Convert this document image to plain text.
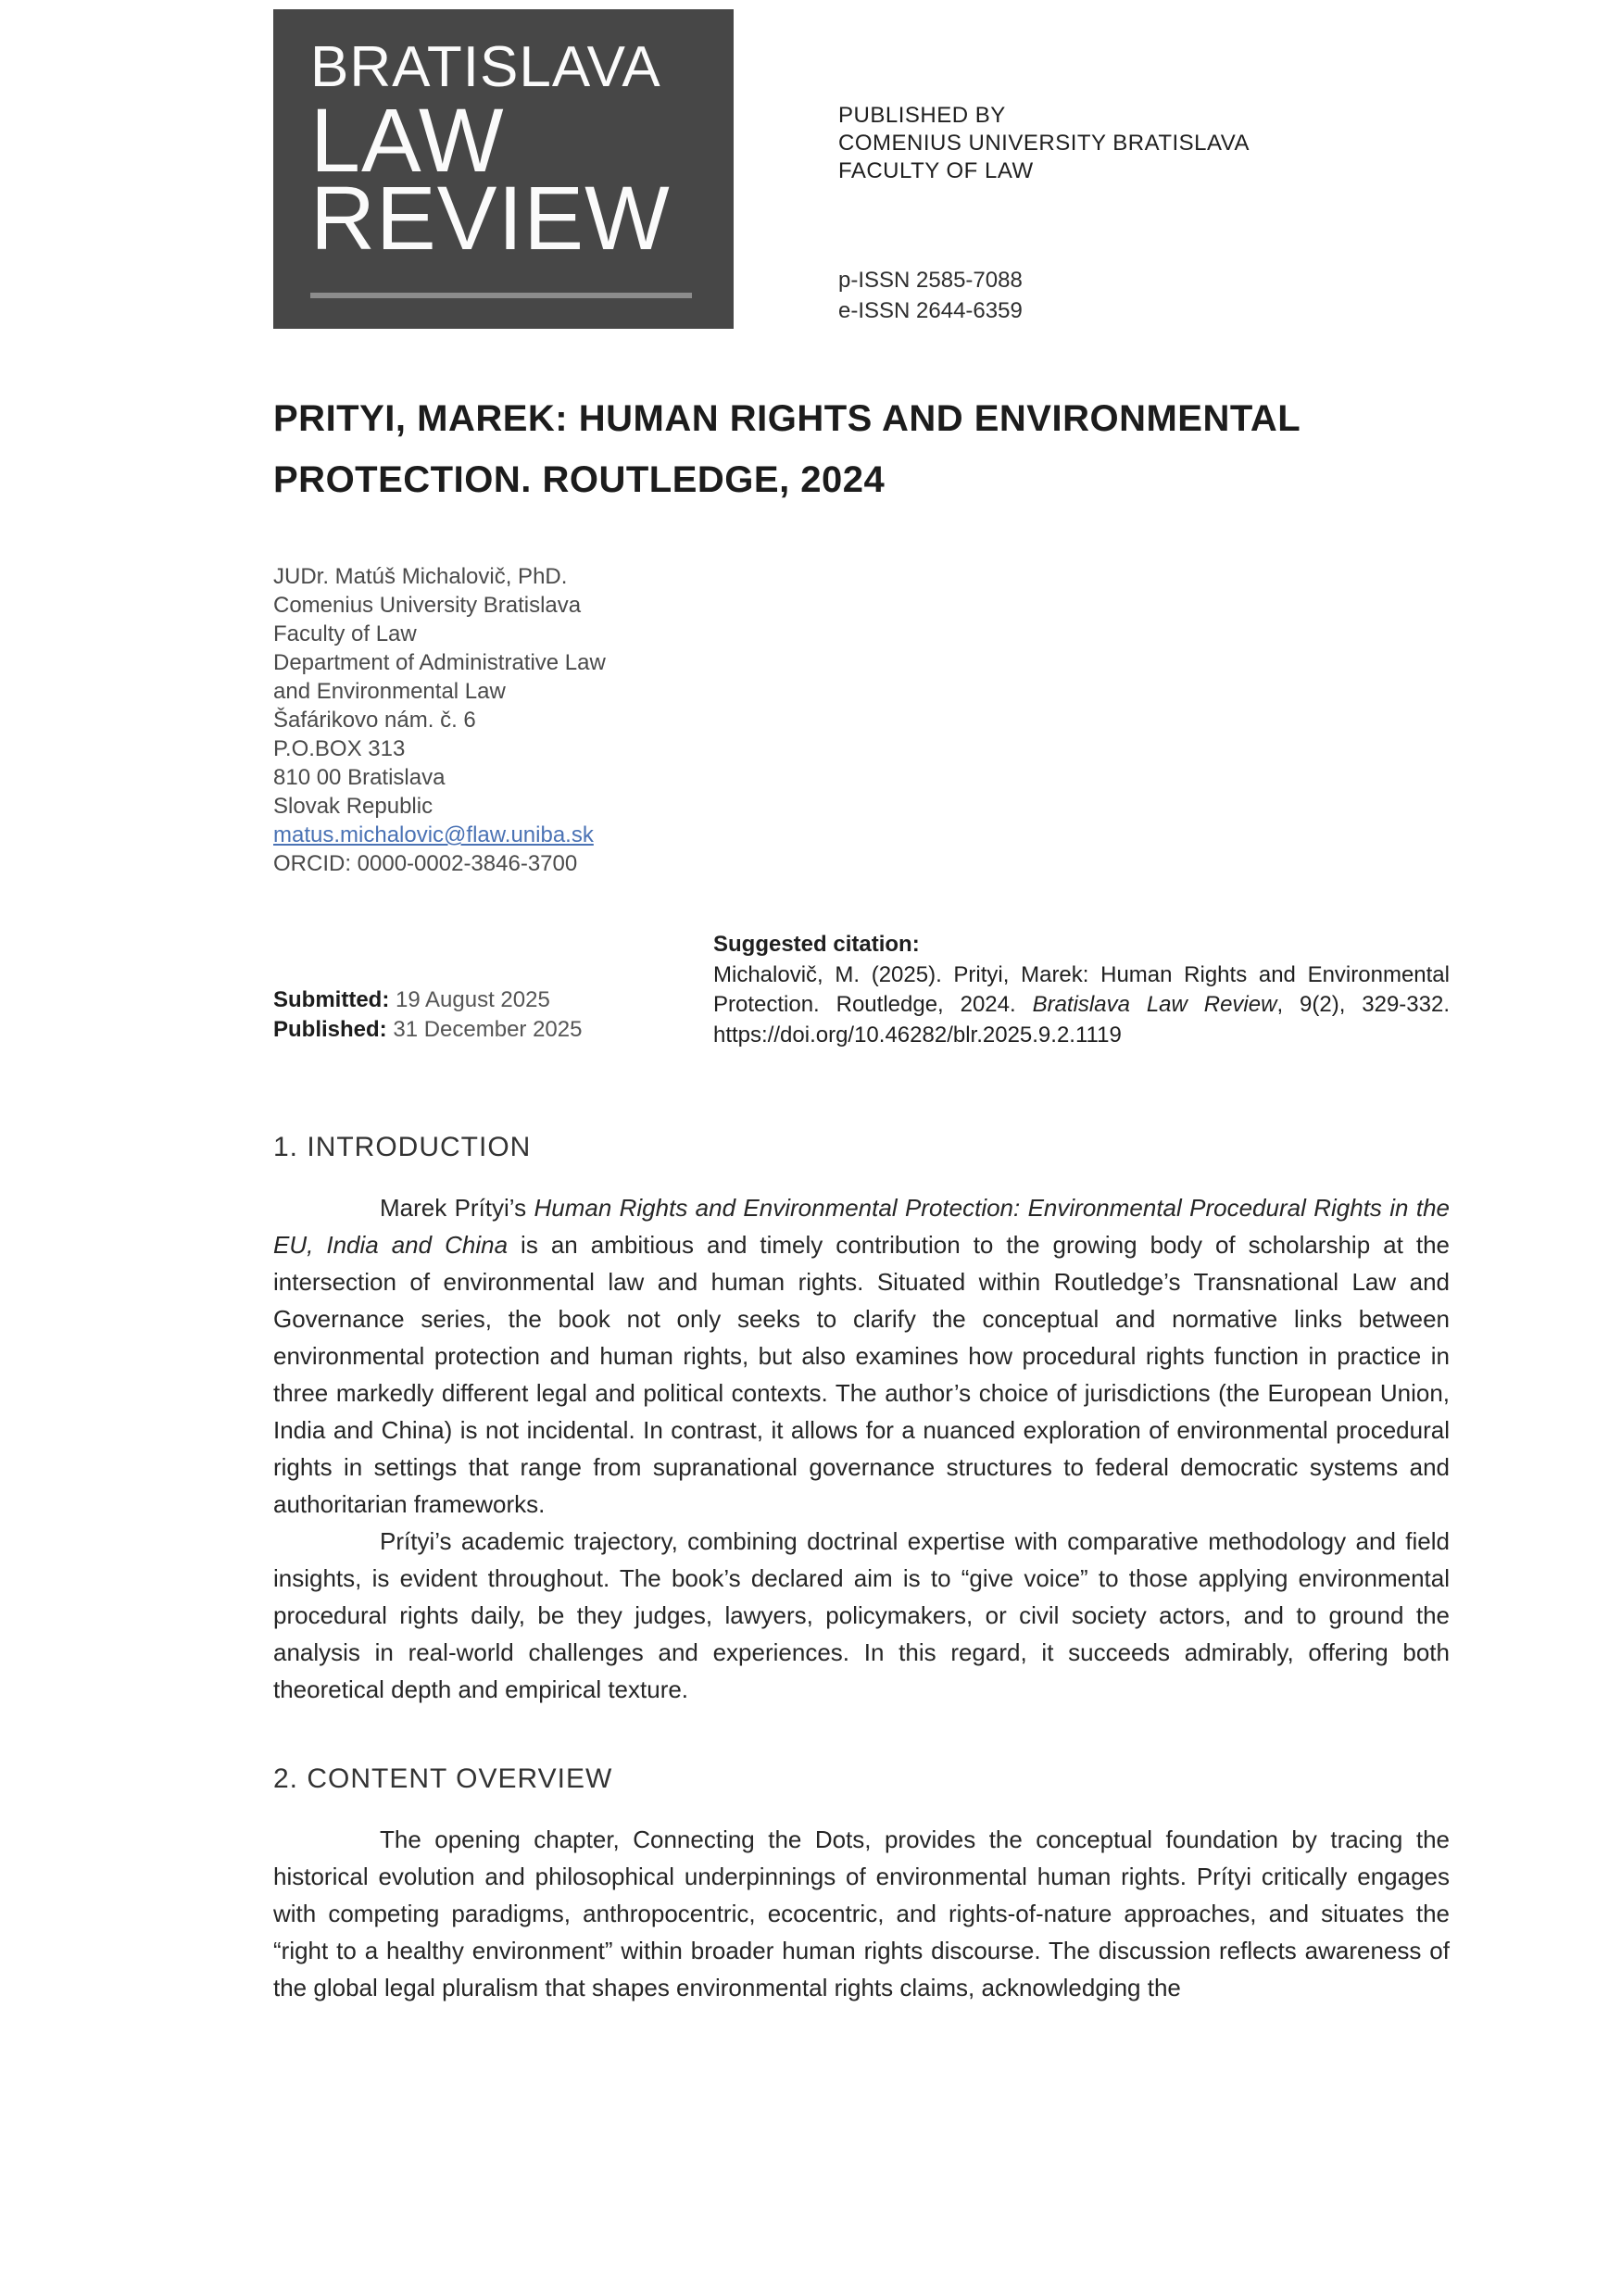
BRATISLAVA
LAW
REVIEW
PUBLISHED BY
COMENIUS UNIVERSITY BRATISLAVA
FACULTY OF LAW
p-ISSN 2585-7088
e-ISSN 2644-6359
PRITYI, MAREK: HUMAN RIGHTS AND ENVIRONMENTAL PROTECTION. ROUTLEDGE, 2024
JUDr. Matúš Michalovič, PhD.
Comenius University Bratislava
Faculty of Law
Department of Administrative Law
and Environmental Law
Šafárikovo nám. č. 6
P.O.BOX 313
810 00 Bratislava
Slovak Republic
matus.michalovic@flaw.uniba.sk
ORCID: 0000-0002-3846-3700
Submitted: 19 August 2025
Published: 31 December 2025
Suggested citation:

Michalovič, M. (2025). Prityi, Marek: Human Rights and Environmental Protection. Routledge, 2024. Bratislava Law Review, 9(2), 329-332. https://doi.org/10.46282/blr.2025.9.2.1119

1. INTRODUCTION

Marek Prítyi’s Human Rights and Environmental Protection: Environmental Procedural Rights in the EU, India and China is an ambitious and timely contribution to the growing body of scholarship at the intersection of environmental law and human rights. Situated within Routledge’s Transnational Law and Governance series, the book not only seeks to clarify the conceptual and normative links between environmental protection and human rights, but also examines how procedural rights function in practice in three markedly different legal and political contexts. The author’s choice of jurisdictions (the European Union, India and China) is not incidental. In contrast, it allows for a nuanced exploration of environmental procedural rights in settings that range from supranational governance structures to federal democratic systems and authoritarian frameworks.

Prítyi’s academic trajectory, combining doctrinal expertise with comparative methodology and field insights, is evident throughout. The book’s declared aim is to “give voice” to those applying environmental procedural rights daily, be they judges, lawyers, policymakers, or civil society actors, and to ground the analysis in real-world challenges and experiences. In this regard, it succeeds admirably, offering both theoretical depth and empirical texture.

2. CONTENT OVERVIEW

The opening chapter, Connecting the Dots, provides the conceptual foundation by tracing the historical evolution and philosophical underpinnings of environmental human rights. Prítyi critically engages with competing paradigms, anthropocentric, ecocentric, and rights-of-nature approaches, and situates the “right to a healthy environment” within broader human rights discourse. The discussion reflects awareness of the global legal pluralism that shapes environmental rights claims, acknowledging the
